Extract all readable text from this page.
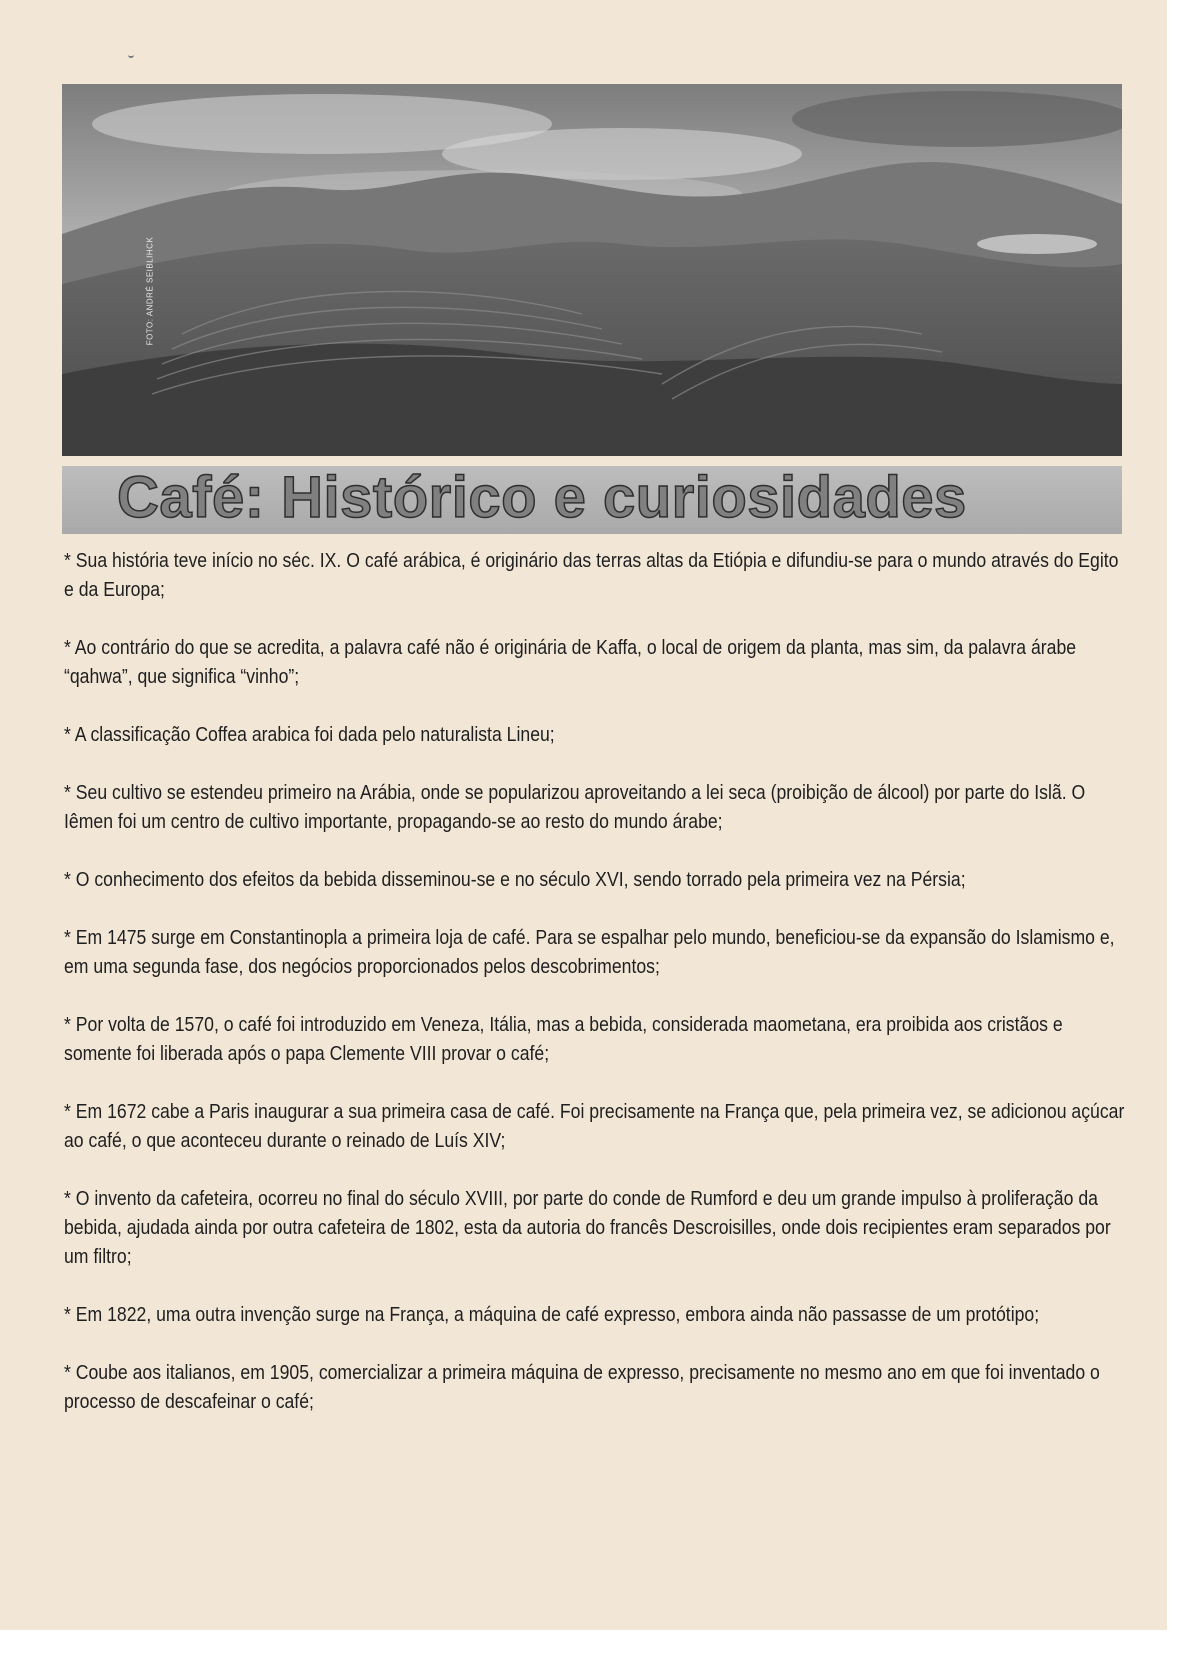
FOTO: ANDRÉ SEIBLIHCK
Café: Histórico e curiosidades

* Sua história teve início no séc. IX. O café arábica, é originário das terras altas da Etiópia e difundiu-se para o mundo através do Egito e da Europa;

* Ao contrário do que se acredita, a palavra café não é originária de Kaffa, o local de origem da planta, mas sim, da palavra árabe “qahwa”, que significa “vinho”;

* A classificação Coffea arabica foi dada pelo naturalista Lineu;

* Seu cultivo se estendeu primeiro na Arábia, onde se popularizou aproveitando a lei seca (proibição de álcool) por parte do Islã. O Iêmen foi um centro de cultivo importante, propagando-se ao resto do mundo árabe;

* O conhecimento dos efeitos da bebida disseminou-se e no século XVI, sendo torrado pela primeira vez na Pérsia;

* Em 1475 surge em Constantinopla a primeira loja de café. Para se espalhar pelo mundo, beneficiou-se da expansão do Islamismo e, em uma segunda fase, dos negócios proporcionados pelos descobrimentos;

* Por volta de 1570, o café foi introduzido em Veneza, Itália, mas a bebida, considerada maometana, era proibida aos cristãos e somente foi liberada após o papa Clemente VIII provar o café;

* Em 1672 cabe a Paris inaugurar a sua primeira casa de café. Foi precisamente na França que, pela primeira vez, se adicionou açúcar ao café, o que aconteceu durante o reinado de Luís XIV;

* O invento da cafeteira, ocorreu no final do século XVIII, por parte do conde de Rumford e deu um grande impulso à proliferação da bebida, ajudada ainda por outra cafeteira de 1802, esta da autoria do francês Descroisilles, onde dois recipientes eram separados por um filtro;

* Em 1822, uma outra invenção surge na França, a máquina de café expresso, embora ainda não passasse de um protótipo;

* Coube aos italianos, em 1905, comercializar a primeira máquina de expresso, precisamente no mesmo ano em que foi inventado o processo de descafeinar o café;
